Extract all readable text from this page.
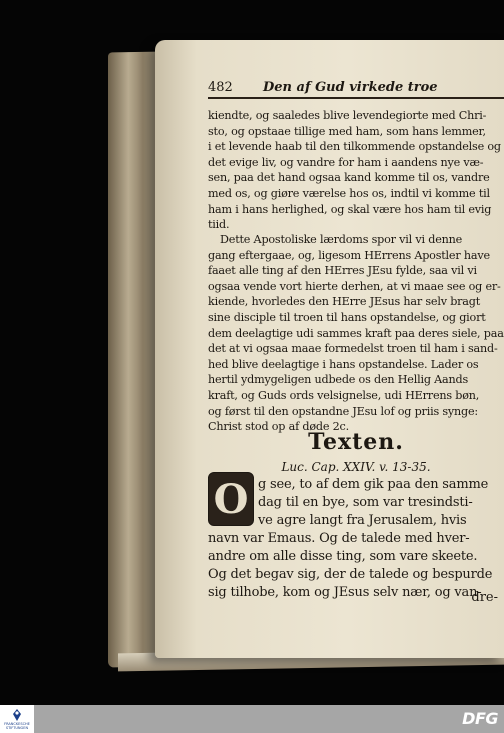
482 Den af Gud virkede troe
kiendte, og saaledes blive levendegiorte med Chri-
sto, og opstaae tillige med ham, som hans lemmer,
i et levende haab til den tilkommende opstandelse og
det evige liv, og vandre for ham i aandens nye væ-
sen, paa det hand ogsaa kand komme til os, vandre
med os, og giøre værelse hos os, indtil vi komme til
ham i hans herlighed, og skal være hos ham til evig
tiid.
Dette Apostoliske lærdoms spor vil vi denne
gang eftergaae, og, ligesom HErrens Apostler have
faaet alle ting af den HErres JEsu fylde, saa vil vi
ogsaa vende vort hierte derhen, at vi maae see og er-
kiende, hvorledes den HErre JEsus har selv bragt
sine disciple til troen til hans opstandelse, og giort
dem deelagtige udi sammes kraft paa deres siele, paa
det at vi ogsaa maae formedelst troen til ham i sand-
hed blive deelagtige i hans opstandelse. Lader os
hertil ydmygeligen udbede os den Hellig Aands
kraft, og Guds ords velsignelse, udi HErrens bøn,
og først til den opstandne JEsu lof og priis synge:
Christ stod op af døde 2c.
Texten.
Luc. Cap. XXIV. v. 13-35.
O g see, to af dem gik paa den samme
dag til en bye, som var tresindsti-
ve agre langt fra Jerusalem, hvis
navn var Emaus. Og de talede med hver-
andre om alle disse ting, som vare skeete.
Og det begav sig, der de talede og bespurde
sig tilhobe, kom og JEsus selv nær, og van-
dre-
FRANCKESCHE
STIFTUNGEN	DFG
